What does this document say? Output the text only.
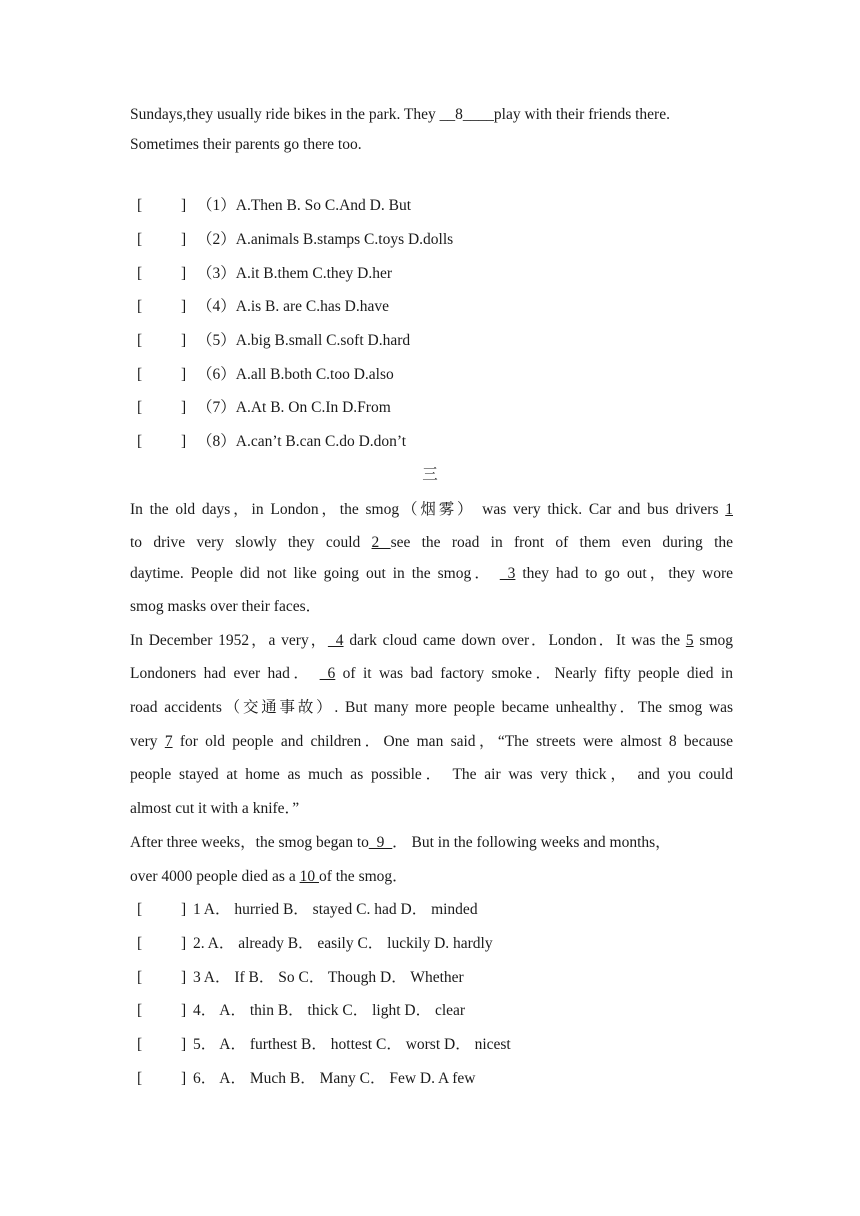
Sundays,they usually ride bikes in the park. They __8____play with their friends there.
Sometimes their parents go there too.
[	] （1）A.Then B. So C.And D. But
[	] （2）A.animals B.stamps C.toys D.dolls
[	] （3）A.it B.them C.they D.her
[	] （4）A.is B. are C.has D.have
[	] （5）A.big B.small C.soft D.hard
[	] （6）A.all B.both C.too D.also
[	] （7）A.At B. On C.In D.From
[	] （8）A.can’t B.can C.do D.don’t
三
In the old days，in London，the smog（烟雾） was very thick. Car and bus drivers 1
to drive very slowly they could 2 see the road in front of them even during the
daytime. People did not like going out in the smog． _3 they had to go out，they wore
smog masks over their faces．
In December 1952，a very，_4 dark cloud came down over．London．It was the 5 smog
Londoners had ever had． _6 of it was bad factory smoke．Nearly fifty people died in
road accidents（交通事故）. But many more people became unhealthy．The smog was
very 7 for old people and children．One man said，“The streets were almost 8 because
people stayed at home as much as possible． The air was very thick， and you could
almost cut it with a knife．”
After three weeks，the smog began to_9_． But in the following weeks and months，
over 4000 people died as a 10 of the smog．
[	] 1 A． hurried B． stayed C. had D． minded
[	] 2. A． already B． easily C． luckily D. hardly
[	] 3 A． If B． So C． Though D． Whether
[	] 4． A． thin B． thick C． light D． clear
[	] 5． A． furthest B． hottest C． worst D． nicest
[	] 6． A． Much B． Many C． Few D. A few
